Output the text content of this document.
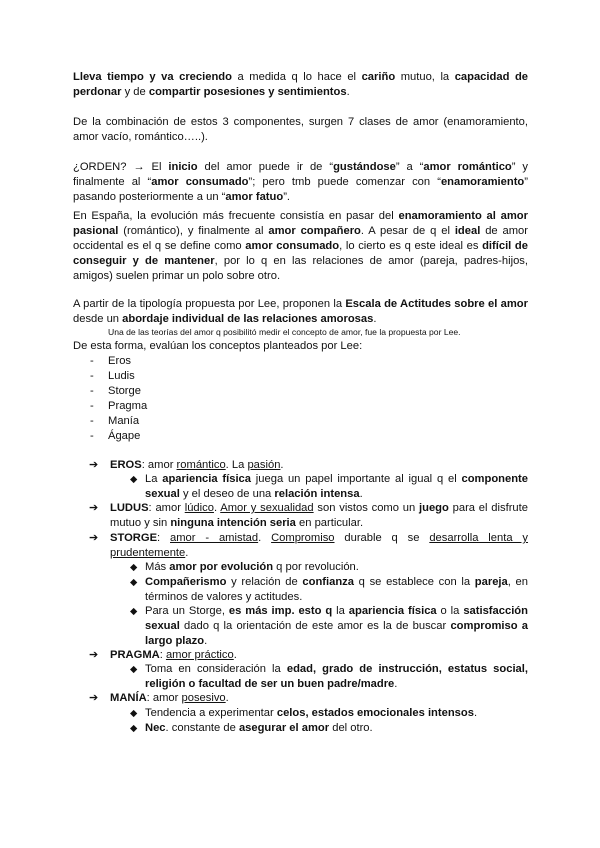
Lleva tiempo y va creciendo a medida q lo hace el cariño mutuo, la capacidad de perdonar y de compartir posesiones y sentimientos.

De la combinación de estos 3 componentes, surgen 7 clases de amor (enamoramiento, amor vacío, romántico…..).

¿ORDEN? → El inicio del amor puede ir de “gustándose” a “amor romántico” y finalmente al “amor consumado”; pero tmb puede comenzar con “enamoramiento” pasando posteriormente a un “amor fatuo”.

En España, la evolución más frecuente consistía en pasar del enamoramiento al amor pasional (romántico), y finalmente al amor compañero. A pesar de q el ideal de amor occidental es el q se define como amor consumado, lo cierto es q este ideal es difícil de conseguir y de mantener, por lo q en las relaciones de amor (pareja, padres-hijos, amigos) suelen primar un polo sobre otro.

A partir de la tipología propuesta por Lee, proponen la Escala de Actitudes sobre el amor desde un abordaje individual de las relaciones amorosas.

Una de las teorías del amor q posibilitó medir el concepto de amor, fue la propuesta por Lee.

De esta forma, evalúan los conceptos planteados por Lee:

- Eros
- Ludis
- Storge
- Pragma
- Manía
- Ágape
➔ EROS: amor romántico. La pasión.

◆ La apariencia física juega un papel importante al igual q el componente sexual y el deseo de una relación intensa.

➔ LUDUS: amor lúdico. Amor y sexualidad son vistos como un juego para el disfrute mutuo y sin ninguna intención seria en particular.

➔ STORGE: amor - amistad. Compromiso durable q se desarrolla lenta y prudentemente.

◆ Más amor por evolución q por revolución.

◆ Compañerismo y relación de confianza q se establece con la pareja, en términos de valores y actitudes.

◆ Para un Storge, es más imp. esto q la apariencia física o la satisfacción sexual dado q la orientación de este amor es la de buscar compromiso a largo plazo.

➔ PRAGMA: amor práctico.

◆ Toma en consideración la edad, grado de instrucción, estatus social, religión o facultad de ser un buen padre/madre.

➔ MANÍA: amor posesivo.

◆ Tendencia a experimentar celos, estados emocionales intensos.

◆ Nec. constante de asegurar el amor del otro.
